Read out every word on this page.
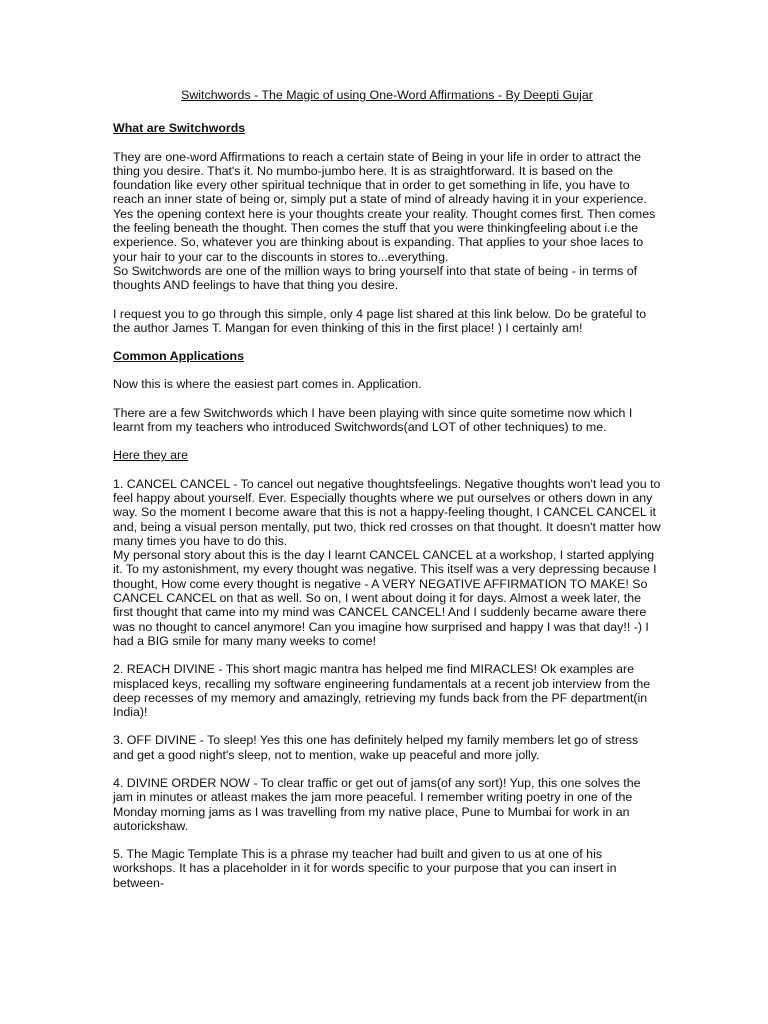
Switchwords - The Magic of using One-Word Affirmations - By Deepti Gujar
What are Switchwords
They are one-word Affirmations to reach a certain state of Being in your life in order to attract the thing you desire. That's it. No mumbo-jumbo here. It is as straightforward. It is based on the foundation like every other spiritual technique that in order to get something in life, you have to reach an inner state of being or, simply put a state of mind of already having it in your experience. Yes the opening context here is your thoughts create your reality. Thought comes first. Then comes the feeling beneath the thought. Then comes the stuff that you were thinkingfeeling about i.e the experience. So, whatever you are thinking about is expanding. That applies to your shoe laces to your hair to your car to the discounts in stores to...everything.
So Switchwords are one of the million ways to bring yourself into that state of being - in terms of thoughts AND feelings to have that thing you desire.
I request you to go through this simple, only 4 page list shared at this link below. Do be grateful to the author James T. Mangan for even thinking of this in the first place! ) I certainly am!
Common Applications
Now this is where the easiest part comes in. Application.
There are a few Switchwords which I have been playing with since quite sometime now which I learnt from my teachers who introduced Switchwords(and LOT of other techniques) to me.
Here they are
1. CANCEL CANCEL - To cancel out negative thoughtsfeelings. Negative thoughts won't lead you to feel happy about yourself. Ever. Especially thoughts where we put ourselves or others down in any way. So the moment I become aware that this is not a happy-feeling thought, I CANCEL CANCEL it and, being a visual person mentally, put two, thick red crosses on that thought. It doesn't matter how many times you have to do this.
My personal story about this is the day I learnt CANCEL CANCEL at a workshop, I started applying it. To my astonishment, my every thought was negative. This itself was a very depressing because I thought, How come every thought is negative - A VERY NEGATIVE AFFIRMATION TO MAKE! So CANCEL CANCEL on that as well. So on, I went about doing it for days. Almost a week later, the first thought that came into my mind was CANCEL CANCEL! And I suddenly became aware there was no thought to cancel anymore! Can you imagine how surprised and happy I was that day!! -) I had a BIG smile for many many weeks to come!
2. REACH DIVINE - This short magic mantra has helped me find MIRACLES! Ok examples are misplaced keys, recalling my software engineering fundamentals at a recent job interview from the deep recesses of my memory and amazingly, retrieving my funds back from the PF department(in India)!
3. OFF DIVINE - To sleep! Yes this one has definitely helped my family members let go of stress and get a good night's sleep, not to mention, wake up peaceful and more jolly.
4. DIVINE ORDER NOW - To clear traffic or get out of jams(of any sort)! Yup, this one solves the jam in minutes or atleast makes the jam more peaceful. I remember writing poetry in one of the Monday morning jams as I was travelling from my native place, Pune to Mumbai for work in an autorickshaw.
5. The Magic Template This is a phrase my teacher had built and given to us at one of his workshops. It has a placeholder in it for words specific to your purpose that you can insert in between-
